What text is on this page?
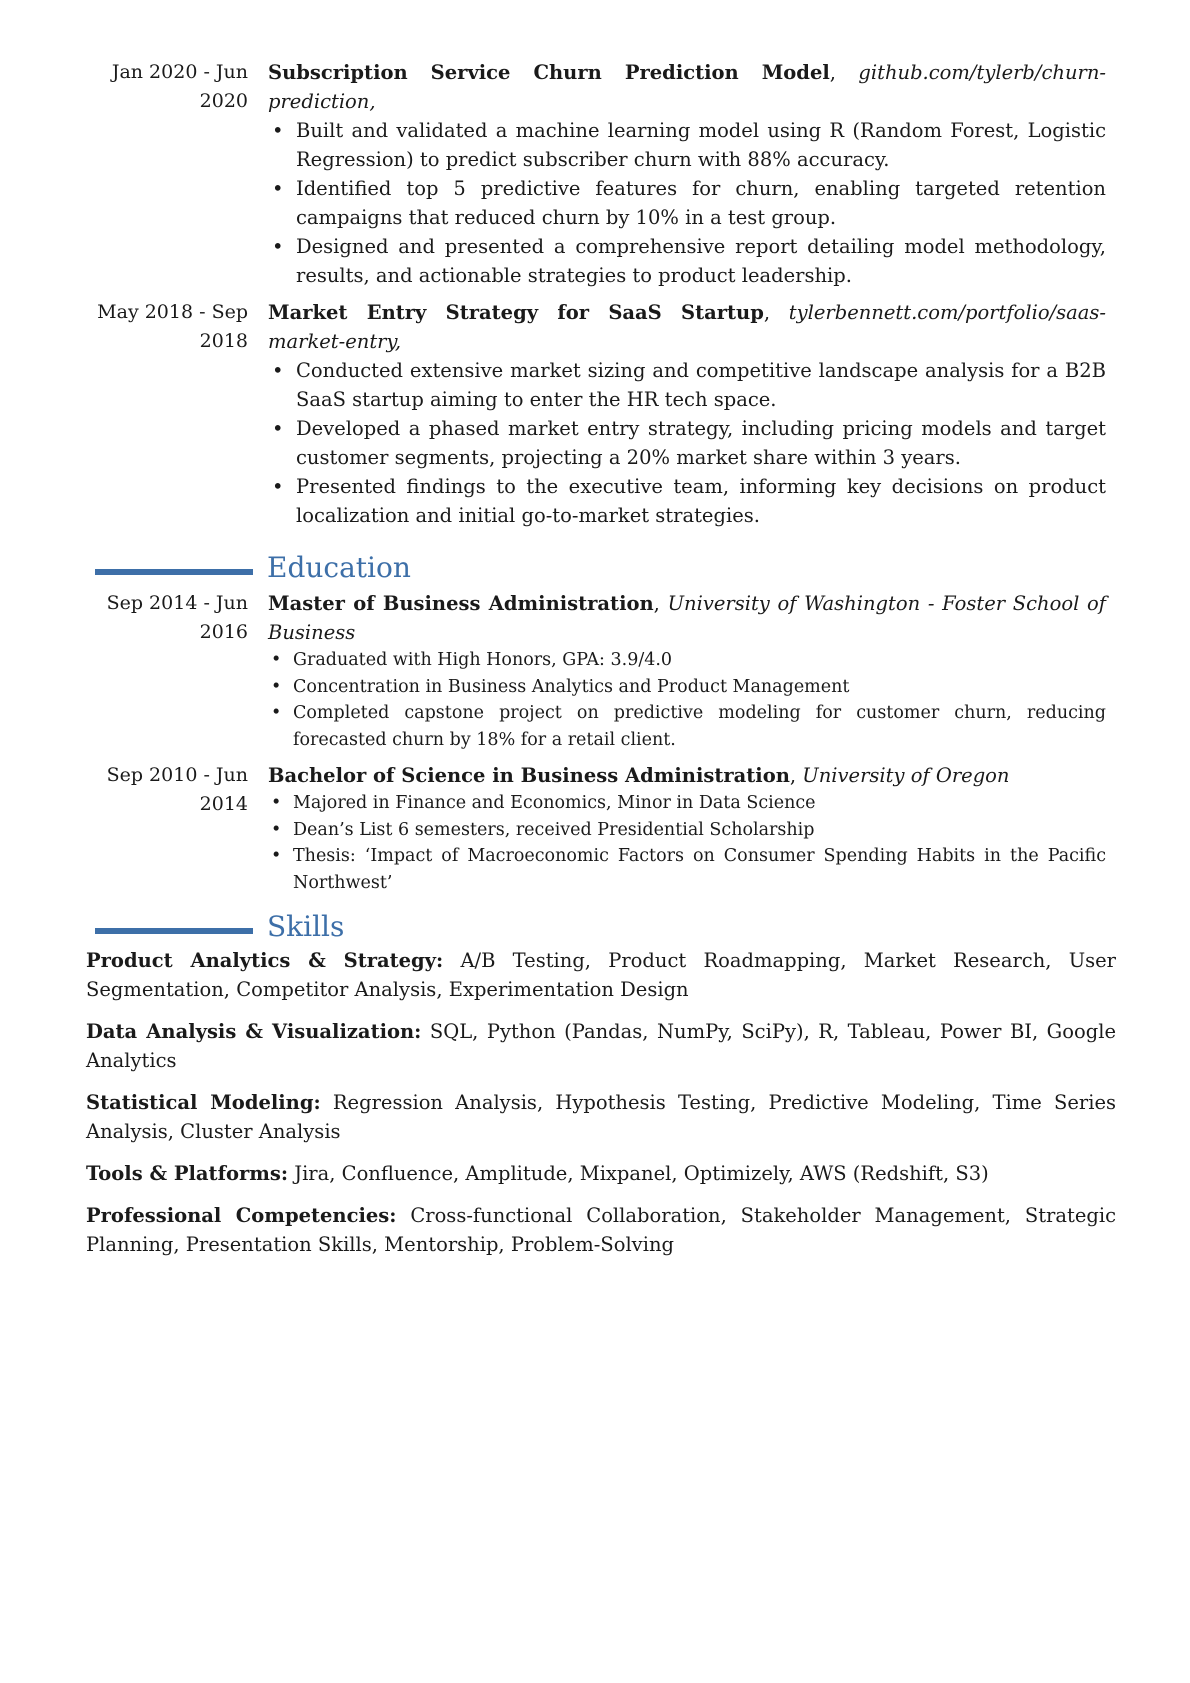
Jan 2020 - Jun 2020
Subscription Service Churn Prediction Model, github.com/tylerb/churn-prediction,
• Built and validated a machine learning model using R (Random Forest, Logistic Regression) to predict subscriber churn with 88% accuracy.
• Identified top 5 predictive features for churn, enabling targeted retention campaigns that reduced churn by 10% in a test group.
• Designed and presented a comprehensive report detailing model methodology, results, and actionable strategies to product leadership.
May 2018 - Sep 2018
Market Entry Strategy for SaaS Startup, tylerbennett.com/portfolio/saas-market-entry,
• Conducted extensive market sizing and competitive landscape analysis for a B2B SaaS startup aiming to enter the HR tech space.
• Developed a phased market entry strategy, including pricing models and target customer segments, projecting a 20% market share within 3 years.
• Presented findings to the executive team, informing key decisions on product localization and initial go-to-market strategies.
Education
Sep 2014 - Jun 2016
Master of Business Administration, University of Washington - Foster School of Business
• Graduated with High Honors, GPA: 3.9/4.0
• Concentration in Business Analytics and Product Management
• Completed capstone project on predictive modeling for customer churn, reducing forecasted churn by 18% for a retail client.
Sep 2010 - Jun 2014
Bachelor of Science in Business Administration, University of Oregon
• Majored in Finance and Economics, Minor in Data Science
• Dean’s List 6 semesters, received Presidential Scholarship
• Thesis: ‘Impact of Macroeconomic Factors on Consumer Spending Habits in the Pacific Northwest’
Skills
Product Analytics & Strategy: A/B Testing, Product Roadmapping, Market Research, User Segmentation, Competitor Analysis, Experimentation Design
Data Analysis & Visualization: SQL, Python (Pandas, NumPy, SciPy), R, Tableau, Power BI, Google Analytics
Statistical Modeling: Regression Analysis, Hypothesis Testing, Predictive Modeling, Time Series Analysis, Cluster Analysis
Tools & Platforms: Jira, Confluence, Amplitude, Mixpanel, Optimizely, AWS (Redshift, S3)
Professional Competencies: Cross-functional Collaboration, Stakeholder Management, Strategic Planning, Presentation Skills, Mentorship, Problem-Solving
